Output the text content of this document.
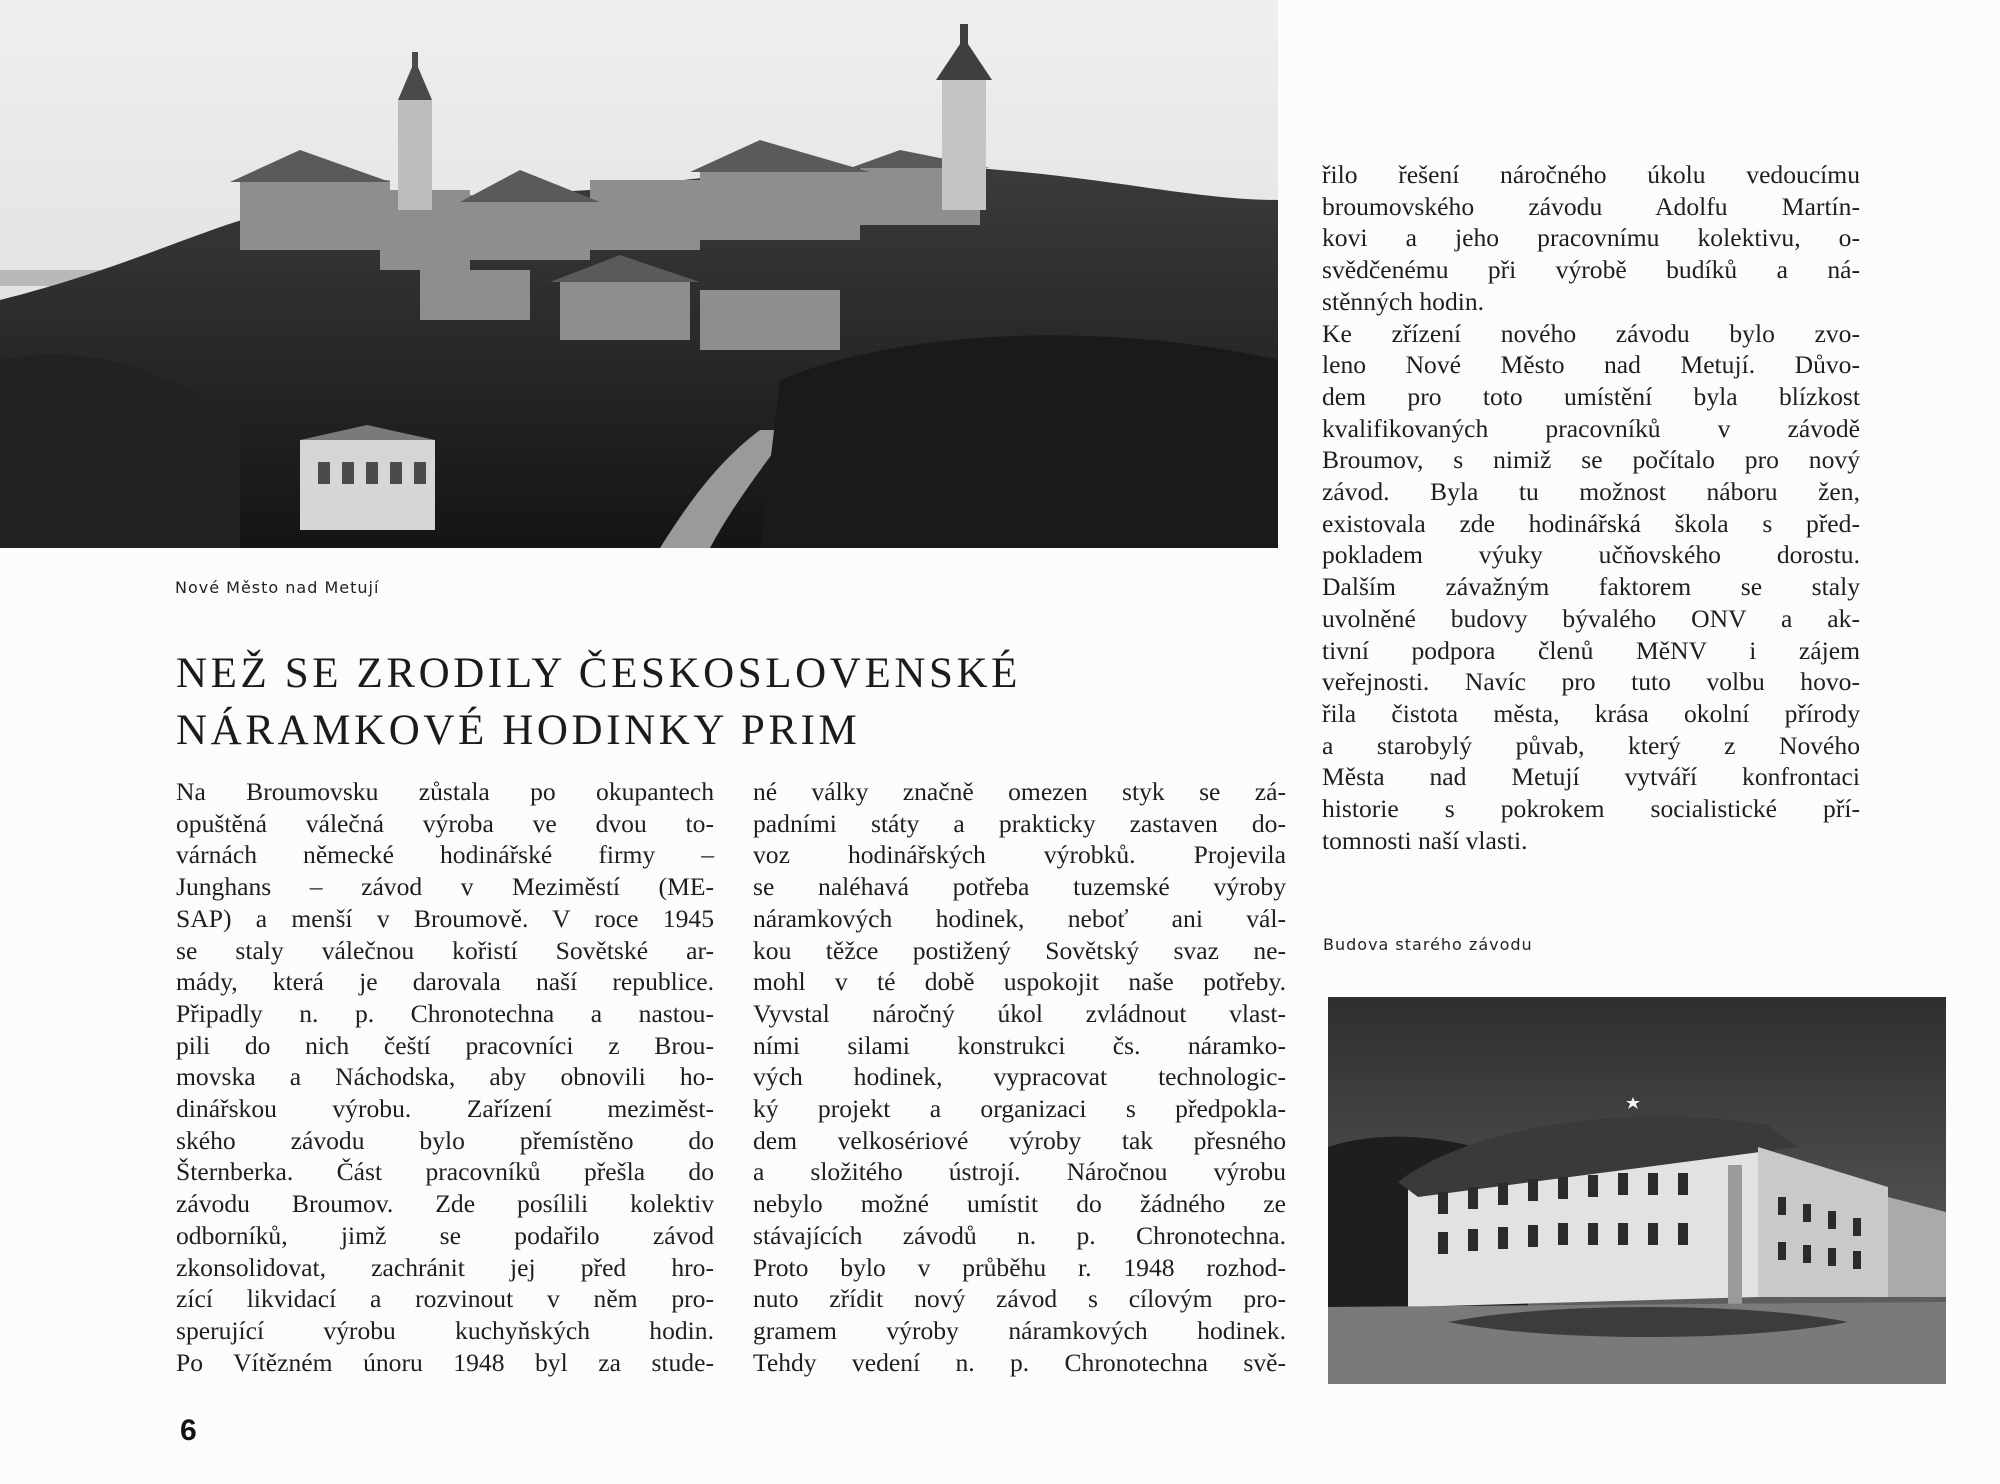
Nové Město nad Metují

NEŽ SE ZRODILY ČESKOSLOVENSKÉ
NÁRAMKOVÉ HODINKY PRIM
Na Broumovsku zůstala po okupantech
opuštěná válečná výroba ve dvou to-
várnách německé hodinářské firmy –
Junghans – závod v Meziměstí (ME-
SAP) a menší v Broumově. V roce 1945
se staly válečnou kořistí Sovětské ar-
mády, která je darovala naší republice.
Připadly n. p. Chronotechna a nastou-
pili do nich čeští pracovníci z Brou-
movska a Náchodska, aby obnovili ho-
dinářskou výrobu. Zařízení meziměst-
ského závodu bylo přemístěno do
Šternberka. Část pracovníků přešla do
závodu Broumov. Zde posílili kolektiv
odborníků, jimž se podařilo závod
zkonsolidovat, zachránit jej před hro-
zící likvidací a rozvinout v něm pro-
sperující výrobu kuchyňských hodin.
Po Vítězném únoru 1948 byl za stude-
né války značně omezen styk se zá-
padními státy a prakticky zastaven do-
voz hodinářských výrobků. Projevila
se naléhavá potřeba tuzemské výroby
náramkových hodinek, neboť ani vál-
kou těžce postižený Sovětský svaz ne-
mohl v té době uspokojit naše potřeby.
Vyvstal náročný úkol zvládnout vlast-
ními silami konstrukci čs. náramko-
vých hodinek, vypracovat technologic-
ký projekt a organizaci s předpokla-
dem velkosériové výroby tak přesného
a složitého ústrojí. Náročnou výrobu
nebylo možné umístit do žádného ze
stávajících závodů n. p. Chronotechna.
Proto bylo v průběhu r. 1948 rozhod-
nuto zřídit nový závod s cílovým pro-
gramem výroby náramkových hodinek.
Tehdy vedení n. p. Chronotechna svě-
řilo řešení náročného úkolu vedoucímu
broumovského závodu Adolfu Martín-
kovi a jeho pracovnímu kolektivu, o-
svědčenému při výrobě budíků a ná-
stěnných hodin.
Ke zřízení nového závodu bylo zvo-
leno Nové Město nad Metují. Důvo-
dem pro toto umístění byla blízkost
kvalifikovaných pracovníků v závodě
Broumov, s nimiž se počítalo pro nový
závod. Byla tu možnost náboru žen,
existovala zde hodinářská škola s před-
pokladem výuky učňovského dorostu.
Dalším závažným faktorem se staly
uvolněné budovy bývalého ONV a ak-
tivní podpora členů MěNV i zájem
veřejnosti. Navíc pro tuto volbu hovo-
řila čistota města, krása okolní přírody
a starobylý půvab, který z Nového
Města nad Metují vytváří konfrontaci
historie s pokrokem socialistické pří-
tomnosti naší vlasti.

Budova starého závodu

6
